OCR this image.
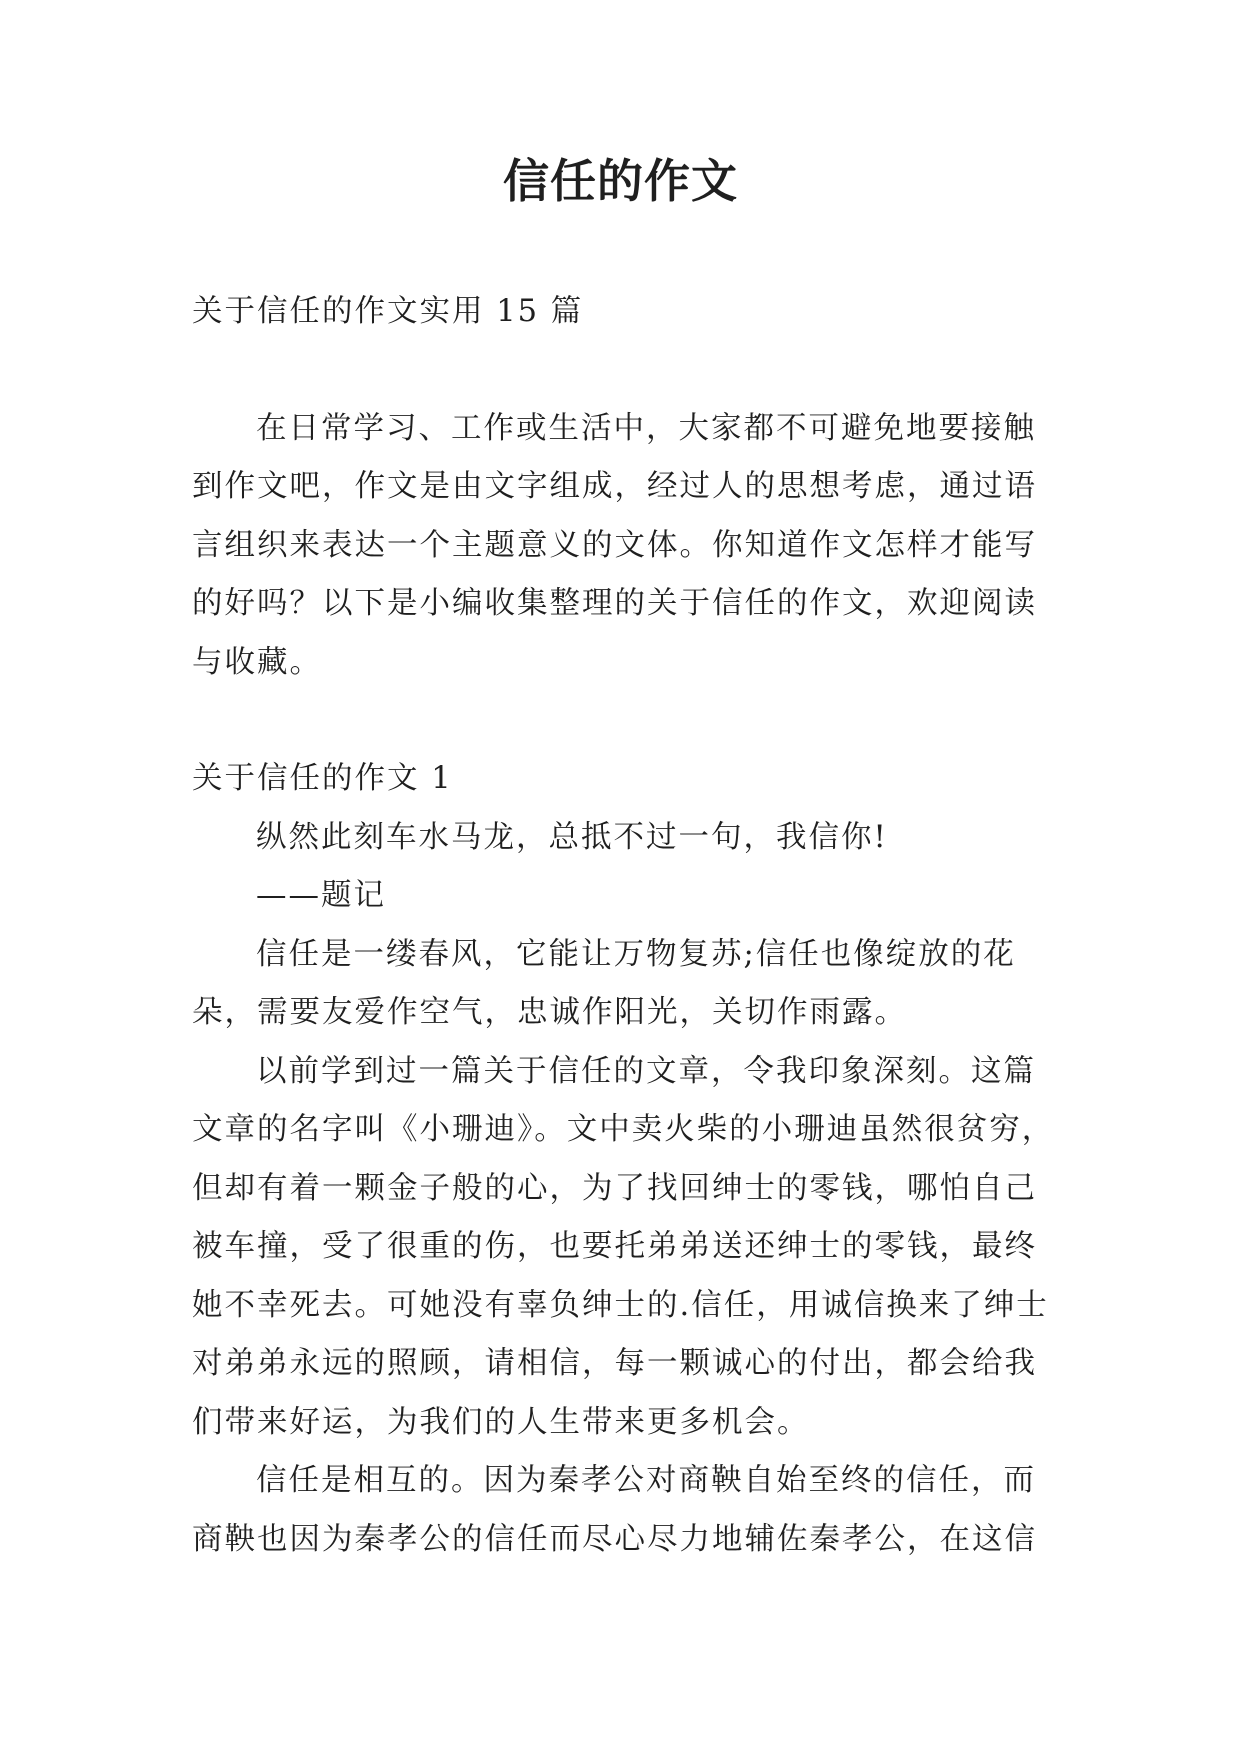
信任的作文

关于信任的作文实用 15 篇

在日常学习、工作或生活中，大家都不可避免地要接触到作文吧，作文是由文字组成，经过人的思想考虑，通过语言组织来表达一个主题意义的文体。你知道作文怎样才能写的好吗？以下是小编收集整理的关于信任的作文，欢迎阅读与收藏。

关于信任的作文 1

纵然此刻车水马龙，总抵不过一句，我信你!

——题记

信任是一缕春风，它能让万物复苏;信任也像绽放的花朵，需要友爱作空气，忠诚作阳光，关切作雨露。

以前学到过一篇关于信任的文章，令我印象深刻。这篇文章的名字叫《小珊迪》。文中卖火柴的小珊迪虽然很贫穷，但却有着一颗金子般的心，为了找回绅士的零钱，哪怕自己被车撞，受了很重的伤，也要托弟弟送还绅士的零钱，最终她不幸死去。可她没有辜负绅士的.信任，用诚信换来了绅士对弟弟永远的照顾，请相信，每一颗诚心的付出，都会给我们带来好运，为我们的人生带来更多机会。

信任是相互的。因为秦孝公对商鞅自始至终的信任，而商鞅也因为秦孝公的信任而尽心尽力地辅佐秦孝公，在这信
